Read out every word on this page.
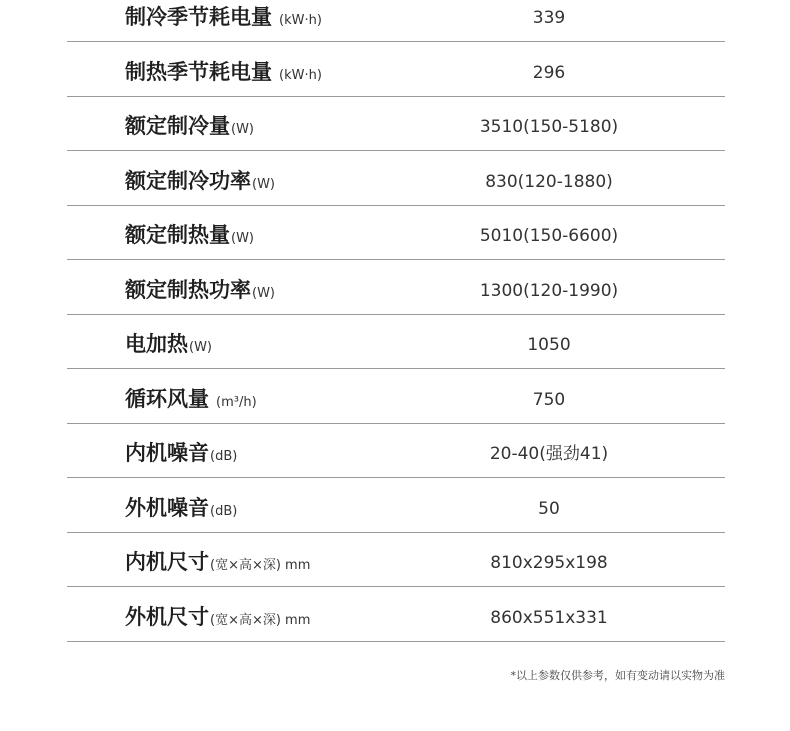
制冷季节耗电量 (kW·h)	339
制热季节耗电量 (kW·h)	296
额定制冷量(W)	3510(150-5180)
额定制冷功率(W)	830(120-1880)
额定制热量(W)	5010(150-6600)
额定制热功率(W)	1300(120-1990)
电加热(W)	1050
循环风量 (m³/h)	750
内机噪音(dB)	20-40(强劲41)
外机噪音(dB)	50
内机尺寸(宽×高×深) mm	810x295x198
外机尺寸(宽×高×深) mm	860x551x331
*以上参数仅供参考，如有变动请以实物为准
